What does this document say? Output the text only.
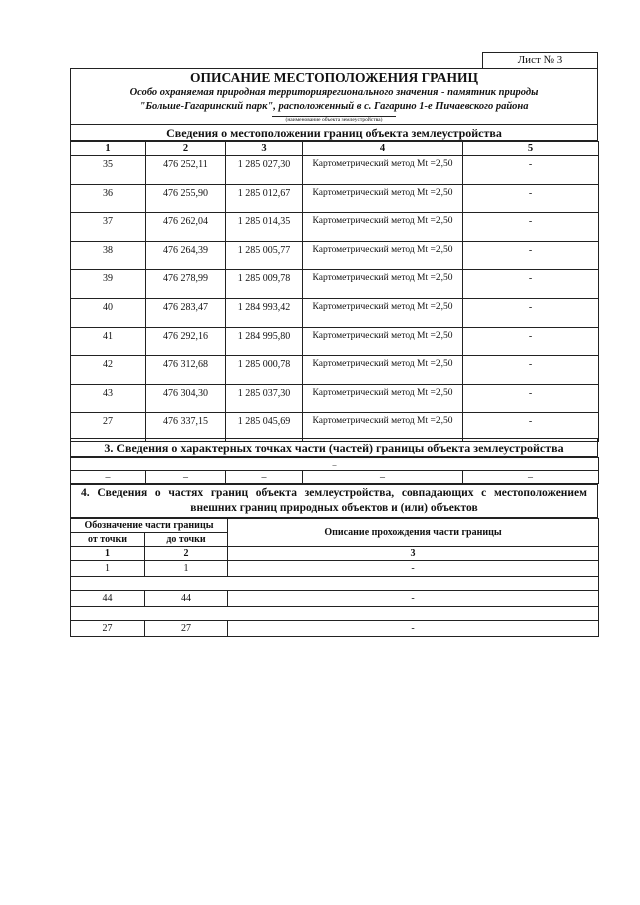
Лист № 3
ОПИСАНИЕ МЕСТОПОЛОЖЕНИЯ ГРАНИЦ
Особо охраняемая природная территориярегионального значения - памятник природы
"Больше-Гагаринский парк", расположенный в с. Гагарино 1-е Пичаевского района
(наименование объекта землеустройства)
Сведения о местоположении границ объекта землеустройства
1	2	3	4	5
35	476 252,11	1 285 027,30	Картометрический метод Mt =2,50	-
36	476 255,90	1 285 012,67	Картометрический метод Mt =2,50	-
37	476 262,04	1 285 014,35	Картометрический метод Mt =2,50	-
38	476 264,39	1 285 005,77	Картометрический метод Mt =2,50	-
39	476 278,99	1 285 009,78	Картометрический метод Mt =2,50	-
40	476 283,47	1 284 993,42	Картометрический метод Mt =2,50	-
41	476 292,16	1 284 995,80	Картометрический метод Mt =2,50	-
42	476 312,68	1 285 000,78	Картометрический метод Mt =2,50	-
43	476 304,30	1 285 037,30	Картометрический метод Mt =2,50	-
27	476 337,15	1 285 045,69	Картометрический метод Mt =2,50	-
3. Сведения о характерных точках части (частей) границы объекта землеустройства
–
–	–	–	–	–
4. Сведения о частях границ объекта землеустройства, совпадающих с местоположением внешних границ природных объектов и (или) объектов
Обозначение части границы		Описание прохождения части границы
от точки	до точки	
1	2	3
1	1	-

44	44	-

27	27	-
